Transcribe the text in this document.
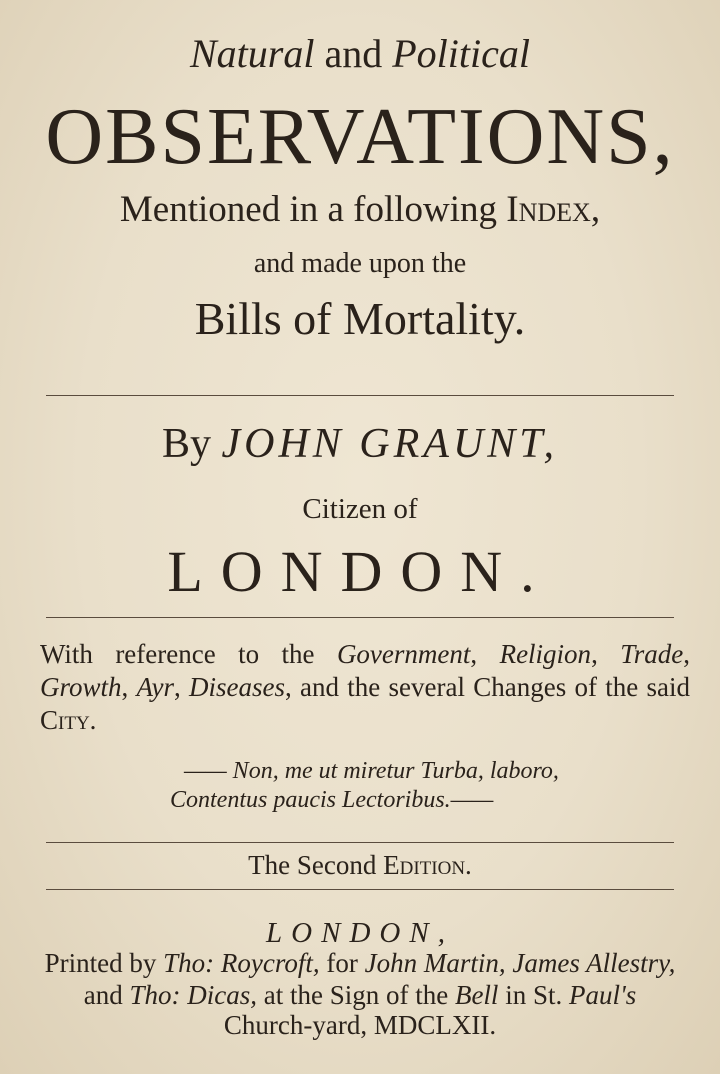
Natural and Political
OBSERVATIONS,
Mentioned in a following Index,
and made upon the
Bills of Mortality.
By JOHN GRAUNT,
Citizen of
LONDON.
With reference to the Government, Religion, Trade, Growth, Ayr, Diseases, and the several Changes of the said City.
—— Non, me ut miretur Turba, laboro,
Contentus paucis Lectoribus.——
The Second Edition.
LONDON,
Printed by Tho: Roycroft, for John Martin, James Allestry,
and Tho: Dicas, at the Sign of the Bell in St. Paul's
Church-yard, MDCLXII.
